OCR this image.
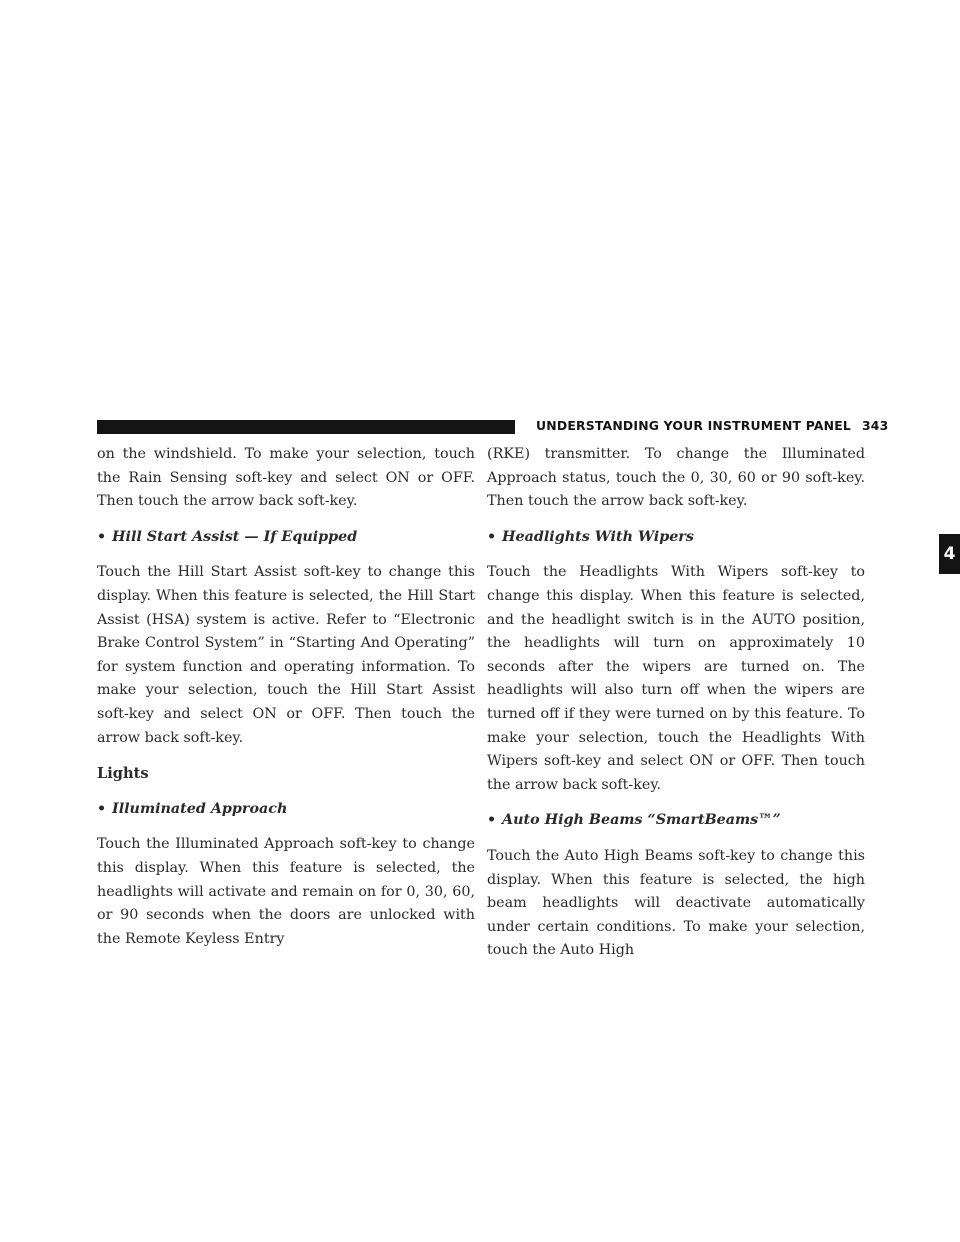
UNDERSTANDING YOUR INSTRUMENT PANEL 343
4

on the windshield. To make your selection, touch the Rain Sensing soft-key and select ON or OFF. Then touch the arrow back soft-key.

• Hill Start Assist — If Equipped

Touch the Hill Start Assist soft-key to change this display. When this feature is selected, the Hill Start Assist (HSA) system is active. Refer to “Electronic Brake Control System” in “Starting And Operating” for system function and operating information. To make your selection, touch the Hill Start Assist soft-key and select ON or OFF. Then touch the arrow back soft-key.

Lights
• Illuminated Approach

Touch the Illuminated Approach soft-key to change this display. When this feature is selected, the headlights will activate and remain on for 0, 30, 60, or 90 seconds when the doors are unlocked with the Remote Keyless Entry

(RKE) transmitter. To change the Illuminated Approach status, touch the 0, 30, 60 or 90 soft-key. Then touch the arrow back soft-key.

• Headlights With Wipers

Touch the Headlights With Wipers soft-key to change this display. When this feature is selected, and the headlight switch is in the AUTO position, the headlights will turn on approximately 10 seconds after the wipers are turned on. The headlights will also turn off when the wipers are turned off if they were turned on by this feature. To make your selection, touch the Headlights With Wipers soft-key and select ON or OFF. Then touch the arrow back soft-key.

• Auto High Beams “SmartBeams™”

Touch the Auto High Beams soft-key to change this display. When this feature is selected, the high beam headlights will deactivate automatically under certain conditions. To make your selection, touch the Auto High
